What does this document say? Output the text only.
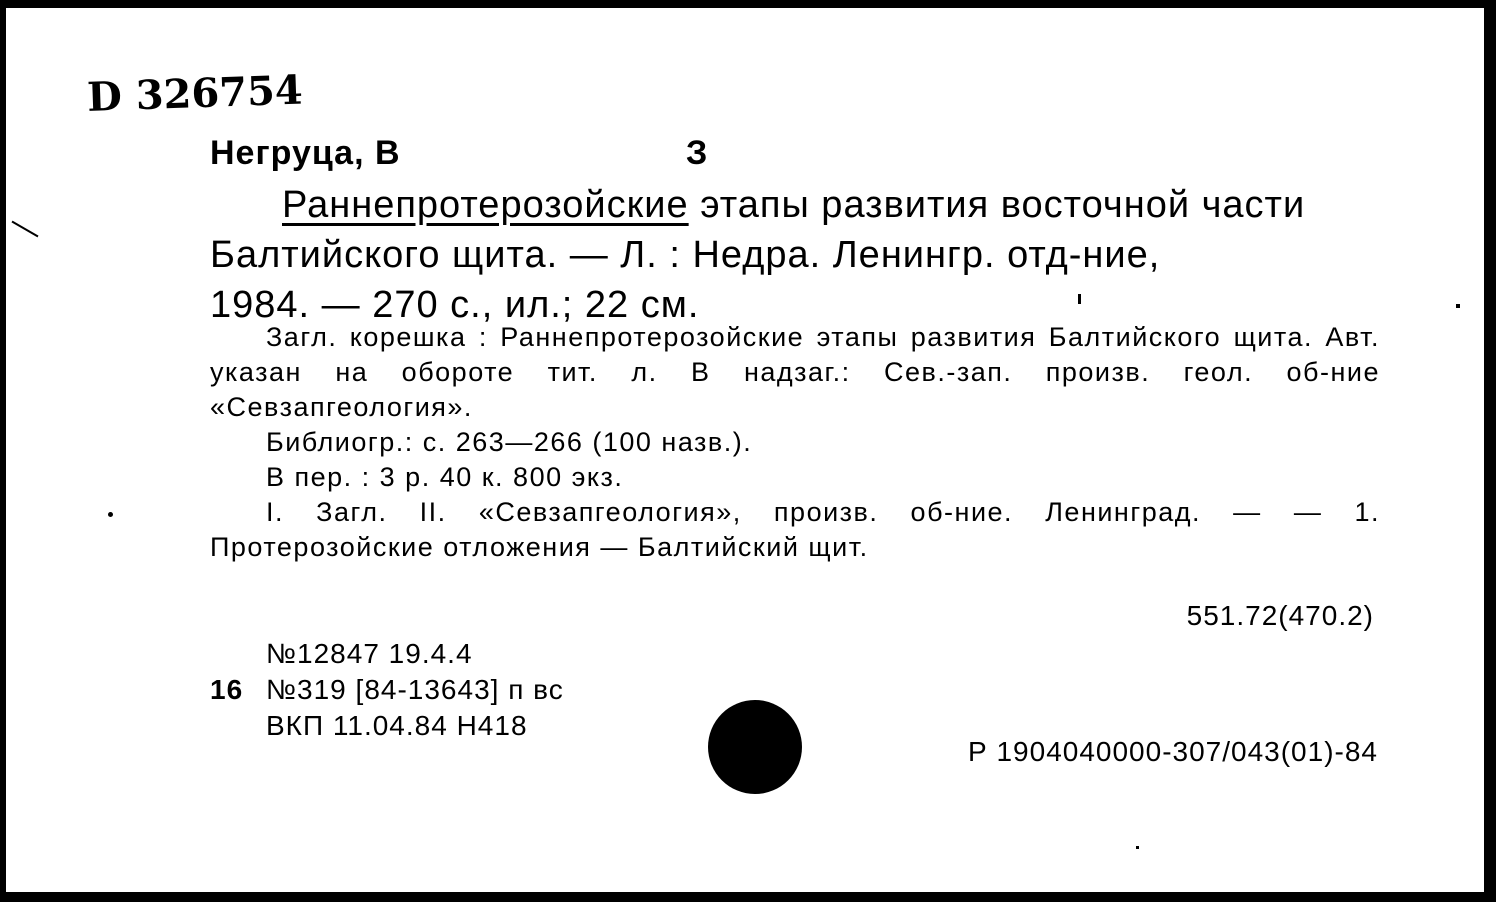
D 326754
Негруца, В	З
Раннепротерозойские этапы развития восточной части
Балтийского щита. — Л. : Недра. Ленингр. отд-ние,
1984. — 270 с., ил.; 22 см.

Загл. корешка : Раннепротерозойские этапы развития Балтийского щита. Авт. указан на обороте тит. л. В надзаг.: Сев.-зап. произв. геол. об-ние «Севзапгеология».

Библиогр.: с. 263—266 (100 назв.).

В пер. : 3 р. 40 к. 800 экз.

I. Загл. II. «Севзапгеология», произв. об-ние. Ленинград. — — 1. Протерозойские отложения — Балтийский щит.

551.72(470.2)
№12847 19.4.4
16 №319 [84-13643] п вс
ВКП 11.04.84 Н418
Р 1904040000-307/043(01)-84
